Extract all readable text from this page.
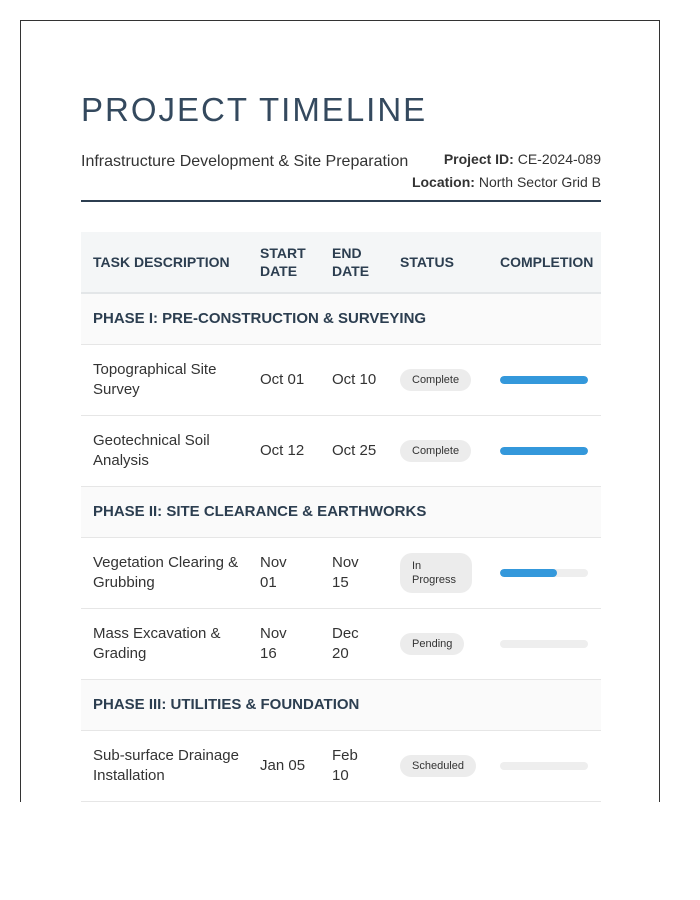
PROJECT TIMELINE
Infrastructure Development & Site Preparation	Project ID: CE-2024-089
Location: North Sector Grid B
TASK DESCRIPTION	START DATE	END DATE	STATUS	COMPLETION
PHASE I: PRE-CONSTRUCTION & SURVEYING				
Topographical Site Survey	Oct 01	Oct 10	Complete	

Geotechnical Soil Analysis	Oct 12	Oct 25	Complete	

PHASE II: SITE CLEARANCE & EARTHWORKS				
Vegetation Clearing & Grubbing	Nov 01	Nov 15	In Progress	

Mass Excavation & Grading	Nov 16	Dec 20	Pending	

PHASE III: UTILITIES & FOUNDATION				
Sub-surface Drainage Installation	Jan 05	Feb 10	Scheduled	
